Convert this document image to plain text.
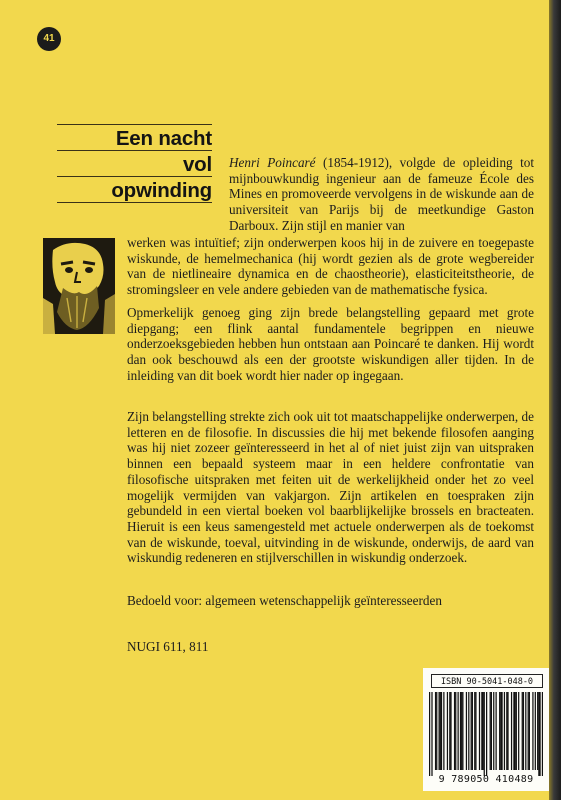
41
Een nacht
vol
opwinding
Henri Poincaré (1854-1912), volgde de opleiding tot mijnbouwkundig ingenieur aan de fameuze École des Mines en promoveerde vervolgens in de wiskunde aan de universiteit van Parijs bij de meetkundige Gaston Darboux. Zijn stijl en manier van
werken was intuïtief; zijn onderwerpen koos hij in de zuivere en toegepaste wiskunde, de hemelmechanica (hij wordt gezien als de grote wegbereider van de nietlineaire dynamica en de chaostheorie), elasticiteitstheorie, de stromingsleer en vele andere gebieden van de mathematische fysica.
Opmerkelijk genoeg ging zijn brede belangstelling gepaard met grote diepgang; een flink aantal fundamentele begrippen en nieuwe onderzoeksgebieden hebben hun ontstaan aan Poincaré te danken. Hij wordt dan ook beschouwd als een der grootste wiskundigen aller tijden. In de inleiding van dit boek wordt hier nader op ingegaan.
Zijn belangstelling strekte zich ook uit tot maatschappelijke onderwerpen, de letteren en de filosofie. In discussies die hij met bekende filosofen aanging was hij niet zozeer geïnteresseerd in het al of niet juist zijn van uitspraken binnen een bepaald systeem maar in een heldere confrontatie van filosofische uitspraken met feiten uit de werkelijkheid onder het zo veel mogelijk vermijden van vakjargon. Zijn artikelen en toespraken zijn gebundeld in een viertal boeken vol baarblijkelijke brossels en bracteaten. Hieruit is een keus samengesteld met actuele onderwerpen als de toekomst van de wiskunde, toeval, uitvinding in de wiskunde, onderwijs, de aard van wiskundig redeneren en stijlverschillen in wiskundig onderzoek.
Bedoeld voor: algemeen wetenschappelijk geïnteresseerden
NUGI 611, 811
ISBN 90-5041-048-0
9 789050 410489
